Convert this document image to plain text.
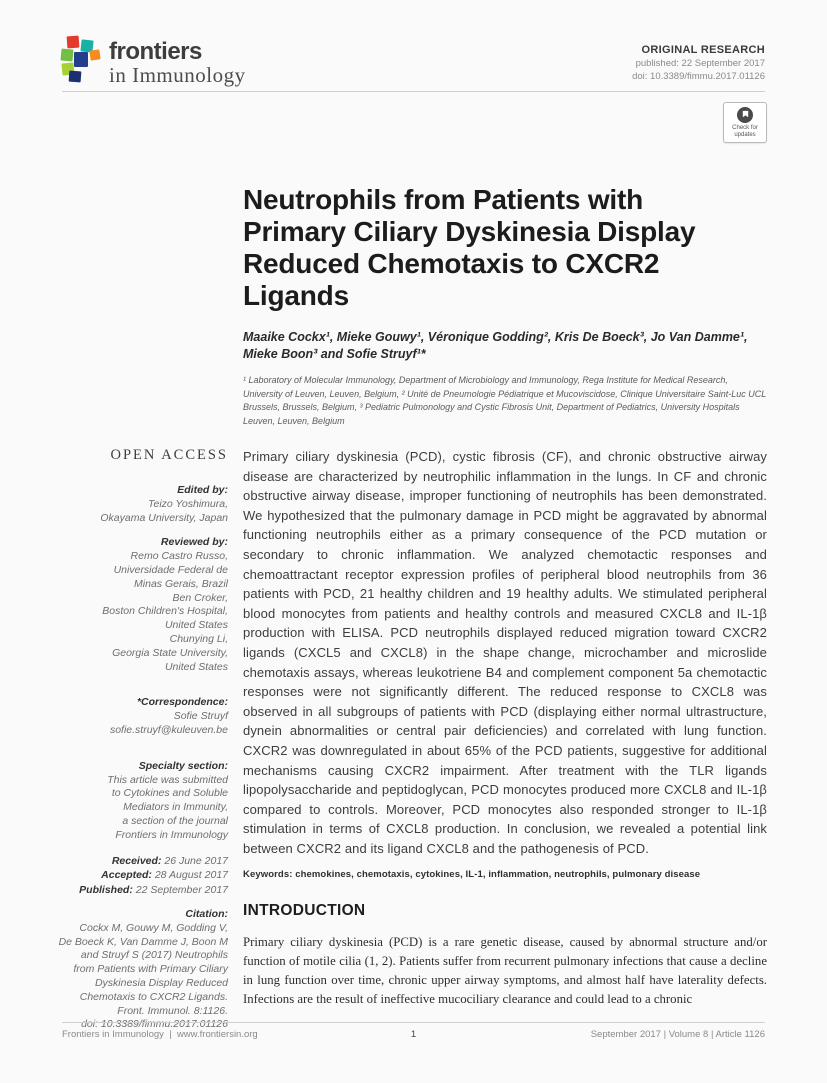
frontiers
in Immunology
ORIGINAL RESEARCH
published: 22 September 2017
doi: 10.3389/fimmu.2017.01126
Check for
updates
Neutrophils from Patients with
Primary Ciliary Dyskinesia Display
Reduced Chemotaxis to CXCR2
Ligands
Maaike Cockx¹, Mieke Gouwy¹, Véronique Godding², Kris De Boeck³, Jo Van Damme¹,
Mieke Boon³ and Sofie Struyf¹*
¹ Laboratory of Molecular Immunology, Department of Microbiology and Immunology, Rega Institute for Medical Research, University of Leuven, Leuven, Belgium, ² Unité de Pneumologie Pédiatrique et Mucoviscidose, Clinique Universitaire Saint-Luc UCL Brussels, Brussels, Belgium, ³ Pediatric Pulmonology and Cystic Fibrosis Unit, Department of Pediatrics, University Hospitals Leuven, Leuven, Belgium
OPEN ACCESS
Edited by:
Teizo Yoshimura,
Okayama University, Japan
Reviewed by:
Remo Castro Russo,
Universidade Federal de
Minas Gerais, Brazil
Ben Croker,
Boston Children's Hospital,
United States
Chunying Li,
Georgia State University,
United States
*Correspondence:
Sofie Struyf
sofie.struyf@kuleuven.be
Specialty section:
This article was submitted
to Cytokines and Soluble
Mediators in Immunity,
a section of the journal
Frontiers in Immunology
Received: 26 June 2017
Accepted: 28 August 2017
Published: 22 September 2017
Citation:
Cockx M, Gouwy M, Godding V,
De Boeck K, Van Damme J, Boon M
and Struyf S (2017) Neutrophils
from Patients with Primary Ciliary
Dyskinesia Display Reduced
Chemotaxis to CXCR2 Ligands.
Front. Immunol. 8:1126.
doi: 10.3389/fimmu.2017.01126

Primary ciliary dyskinesia (PCD), cystic fibrosis (CF), and chronic obstructive airway disease are characterized by neutrophilic inflammation in the lungs. In CF and chronic obstructive airway disease, improper functioning of neutrophils has been demonstrated. We hypothesized that the pulmonary damage in PCD might be aggravated by abnormal functioning neutrophils either as a primary consequence of the PCD mutation or secondary to chronic inflammation. We analyzed chemotactic responses and chemoattractant receptor expression profiles of peripheral blood neutrophils from 36 patients with PCD, 21 healthy children and 19 healthy adults. We stimulated peripheral blood monocytes from patients and healthy controls and measured CXCL8 and IL-1β production with ELISA. PCD neutrophils displayed reduced migration toward CXCR2 ligands (CXCL5 and CXCL8) in the shape change, microchamber and microslide chemotaxis assays, whereas leukotriene B4 and complement component 5a chemotactic responses were not significantly different. The reduced response to CXCL8 was observed in all subgroups of patients with PCD (displaying either normal ultrastructure, dynein abnormalities or central pair deficiencies) and correlated with lung function. CXCR2 was downregulated in about 65% of the PCD patients, suggestive for additional mechanisms causing CXCR2 impairment. After treatment with the TLR ligands lipopolysaccharide and peptidoglycan, PCD monocytes produced more CXCL8 and IL-1β compared to controls. Moreover, PCD monocytes also responded stronger to IL-1β stimulation in terms of CXCL8 production. In conclusion, we revealed a potential link between CXCR2 and its ligand CXCL8 and the pathogenesis of PCD.

Keywords: chemokines, chemotaxis, cytokines, IL-1, inflammation, neutrophils, pulmonary disease

INTRODUCTION

Primary ciliary dyskinesia (PCD) is a rare genetic disease, caused by abnormal structure and/or function of motile cilia (1, 2). Patients suffer from recurrent pulmonary infections that cause a decline in lung function over time, chronic upper airway symptoms, and almost half have laterality defects. Infections are the result of ineffective mucociliary clearance and could lead to a chronic

Frontiers in Immunology | www.frontiersin.org	1	September 2017 | Volume 8 | Article 1126
